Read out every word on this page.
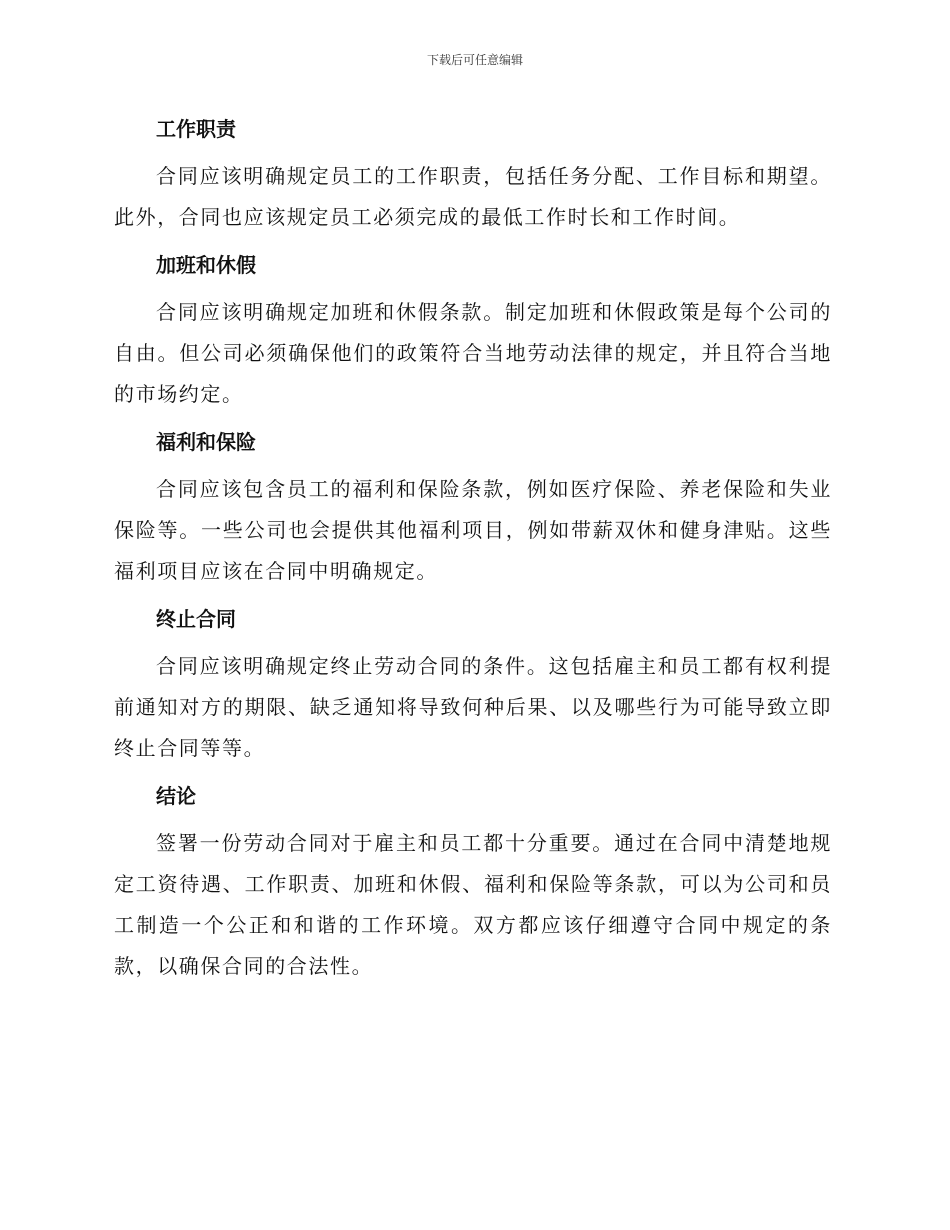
下载后可任意编辑
工作职责

合同应该明确规定员工的工作职责，包括任务分配、工作目标和期望。此外，合同也应该规定员工必须完成的最低工作时长和工作时间。

加班和休假

合同应该明确规定加班和休假条款。制定加班和休假政策是每个公司的自由。但公司必须确保他们的政策符合当地劳动法律的规定，并且符合当地的市场约定。

福利和保险

合同应该包含员工的福利和保险条款，例如医疗保险、养老保险和失业保险等。一些公司也会提供其他福利项目，例如带薪双休和健身津贴。这些福利项目应该在合同中明确规定。

终止合同

合同应该明确规定终止劳动合同的条件。这包括雇主和员工都有权利提前通知对方的期限、缺乏通知将导致何种后果、以及哪些行为可能导致立即终止合同等等。

结论

签署一份劳动合同对于雇主和员工都十分重要。通过在合同中清楚地规定工资待遇、工作职责、加班和休假、福利和保险等条款，可以为公司和员工制造一个公正和和谐的工作环境。双方都应该仔细遵守合同中规定的条款，以确保合同的合法性。
